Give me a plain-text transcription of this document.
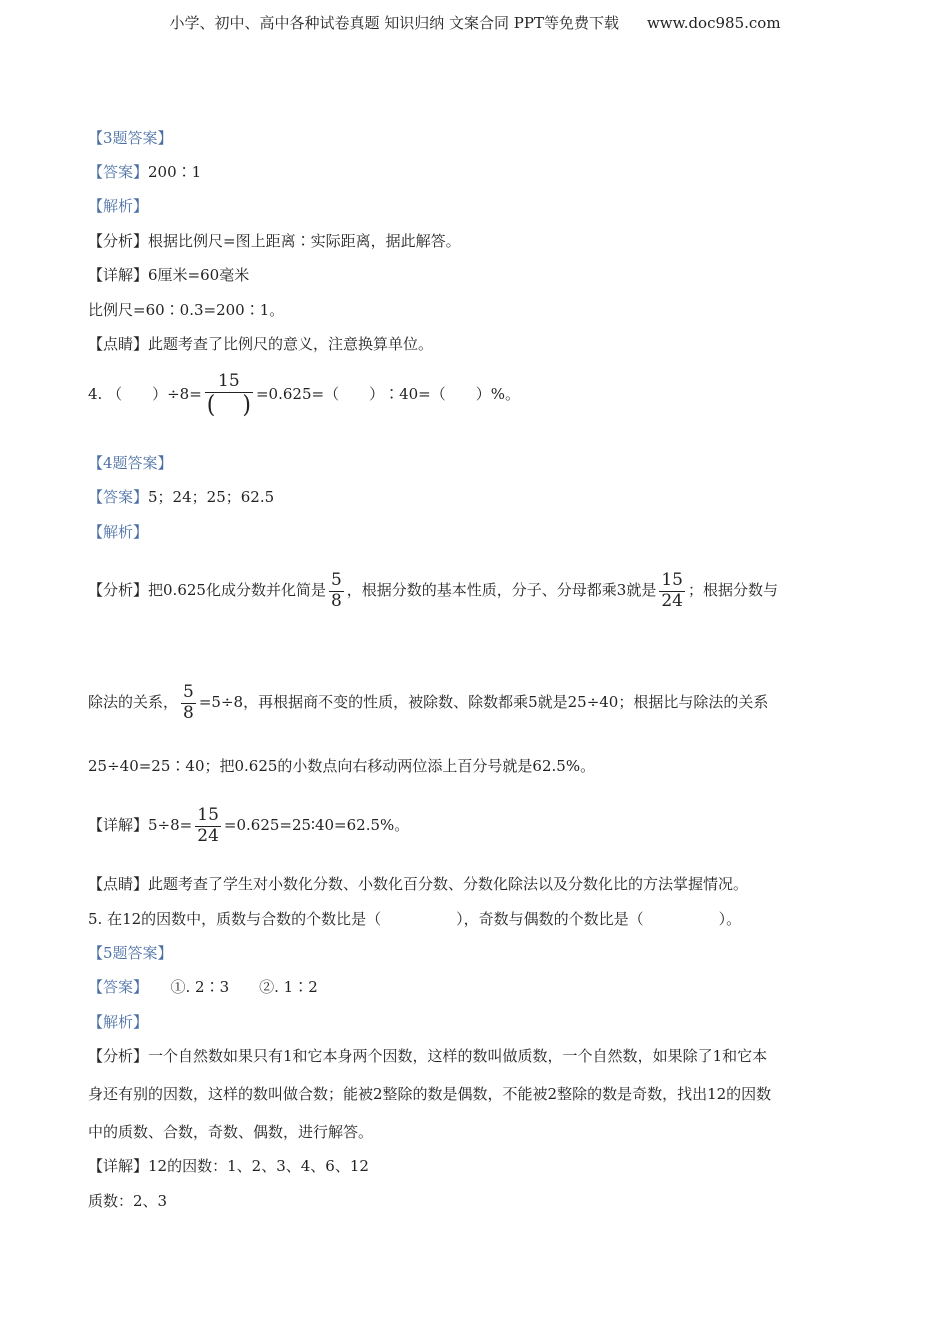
小学、初中、高中各种试卷真题 知识归纳 文案合同 PPT等免费下载 www.doc985.com
【3题答案】
【答案】200∶1
【解析】
【分析】根据比例尺=图上距离∶实际距离，据此解答。
【详解】6厘米=60毫米
比例尺=60∶0.3=200∶1。
【点睛】此题考查了比例尺的意义，注意换算单位。
4. （　　）$\div 8= \frac{15}{( )} =0.625=$（　　）∶40=（　　）%。
【4题答案】
【答案】5；24；25；62.5
【解析】
【分析】把0.625化成分数并化简是 $\frac{5}{8}$ ，根据分数的基本性质，分子、分母都乘3就是 $\frac{15}{24}$ ；根据分数与
除法的关系， $\frac{5}{8} =5\div 8$，再根据商不变的性质，被除数、除数都乘5就是25÷40；根据比与除法的关系
25÷40=25∶40；把0.625的小数点向右移动两位添上百分号就是62.5%。
【详解】$5\div 8= \frac{15}{24}$ =0.625=25∶40=62.5%。
【点睛】此题考查了学生对小数化分数、小数化百分数、分数化除法以及分数化比的方法掌握情况。
5. 在12的因数中，质数与合数的个数比是（　　　　　），奇数与偶数的个数比是（　　　　　）。
【5题答案】
【答案】　　①. 2∶3　　②. 1∶2
【解析】
【分析】一个自然数如果只有1和它本身两个因数，这样的数叫做质数，一个自然数，如果除了1和它本
身还有别的因数，这样的数叫做合数；能被2整除的数是偶数，不能被2整除的数是奇数，找出12的因数
中的质数、合数，奇数、偶数，进行解答。
【详解】12的因数：1、2、3、4、6、12
质数：2、3
